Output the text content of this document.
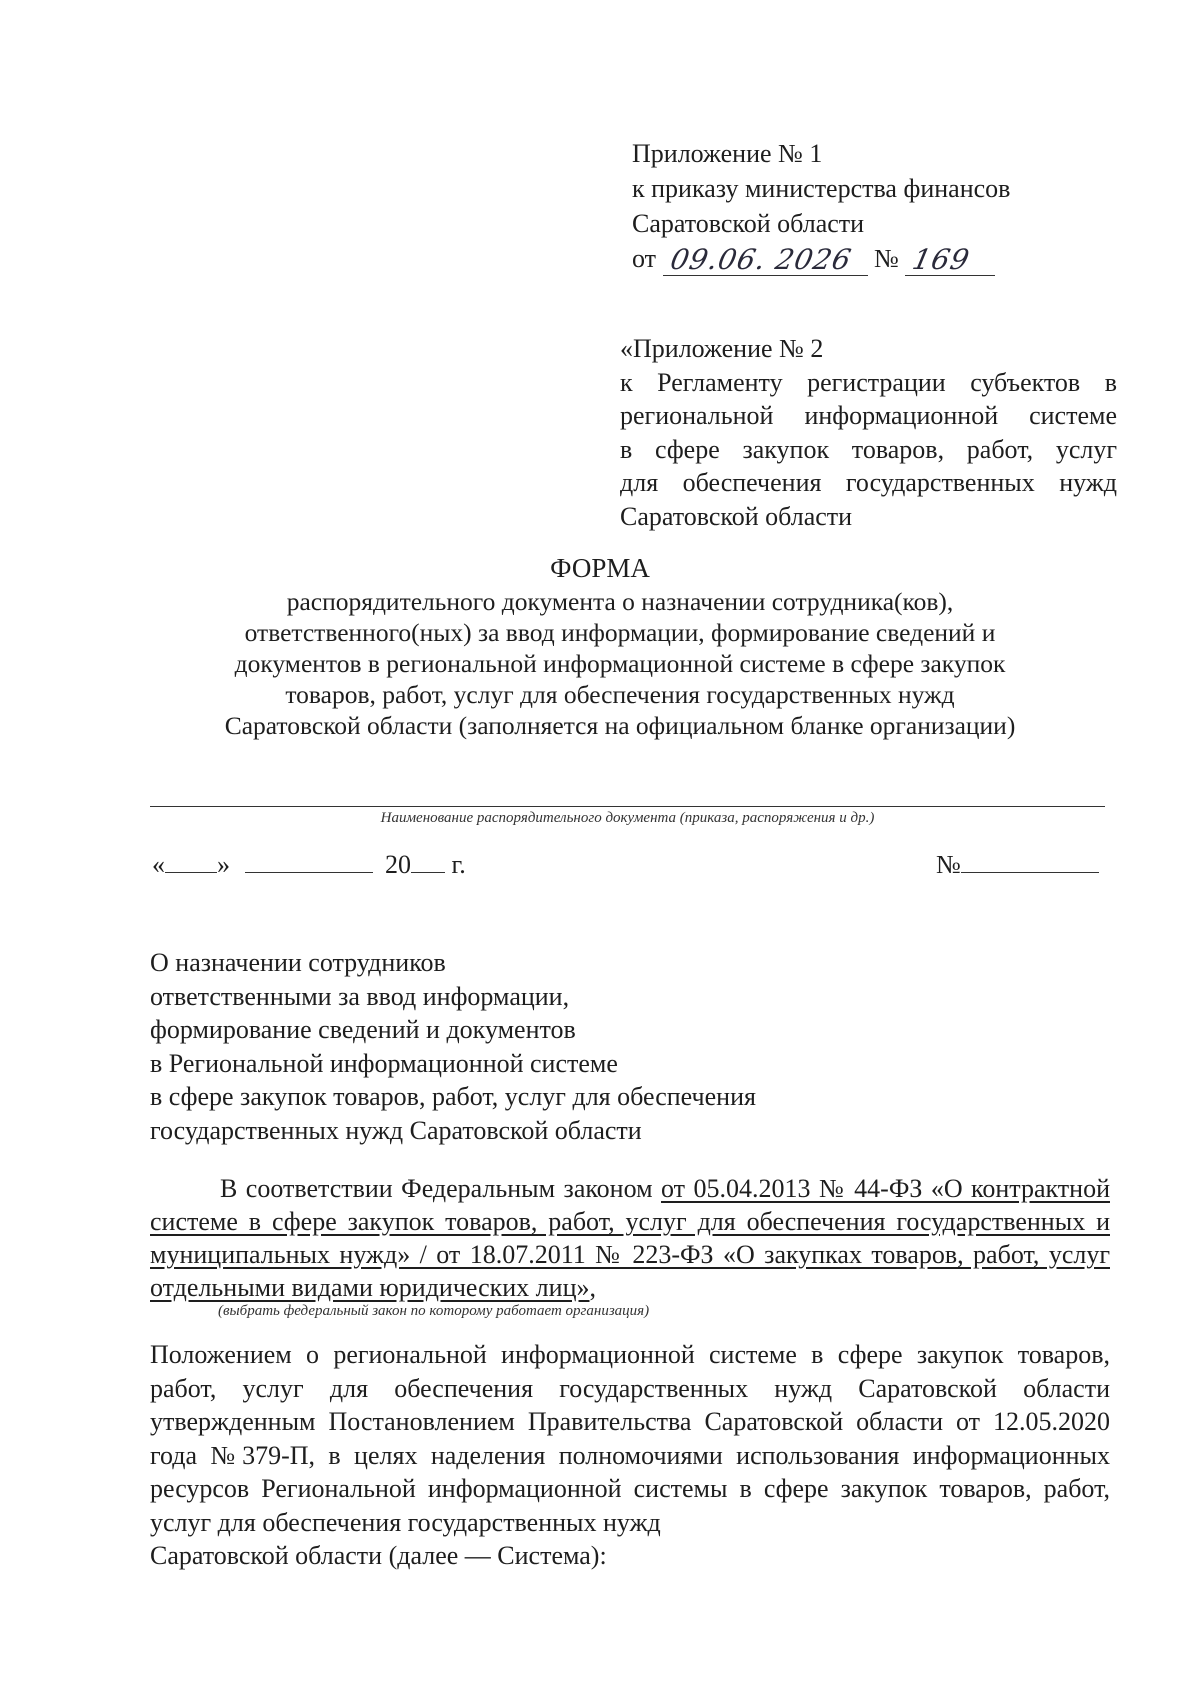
Приложение № 1
к приказу министерства финансов
Саратовской области
от 09.06. 2026 № 169
«Приложение № 2
к Регламенту регистрации субъектов в
региональной информационной системе
в сфере закупок товаров, работ, услуг
для обеспечения государственных нужд
Саратовской области
ФОРМА
распорядительного документа о назначении сотрудника(ков),
ответственного(ных) за ввод информации, формирование сведений и
документов в региональной информационной системе в сфере закупок
товаров, работ, услуг для обеспечения государственных нужд
Саратовской области (заполняется на официальном бланке организации)
Наименование распорядительного документа (приказа, распоряжения и др.)
« »	20 г.	№
О назначении сотрудников
ответственными за ввод информации,
формирование сведений и документов
в Региональной информационной системе
в сфере закупок товаров, работ, услуг для обеспечения
государственных нужд Саратовской области
В соответствии Федеральным законом от 05.04.2013 № 44-ФЗ «О контрактной системе в сфере закупок товаров, работ, услуг для обеспечения государственных и муниципальных нужд» / от 18.07.2011 № 223-ФЗ «О закупках товаров, работ, услуг отдельными видами юридических лиц»,
(выбрать федеральный закон по которому работает организация)
Положением о региональной информационной системе в сфере закупок товаров, работ, услуг для обеспечения государственных нужд Саратовской области утвержденным Постановлением Правительства Саратовской области от 12.05.2020 года №379-П, в целях наделения полномочиями использования информационных ресурсов Региональной информационной системы в сфере закупок товаров, работ, услуг для обеспечения государственных нужд
Саратовской области (далее — Система):
